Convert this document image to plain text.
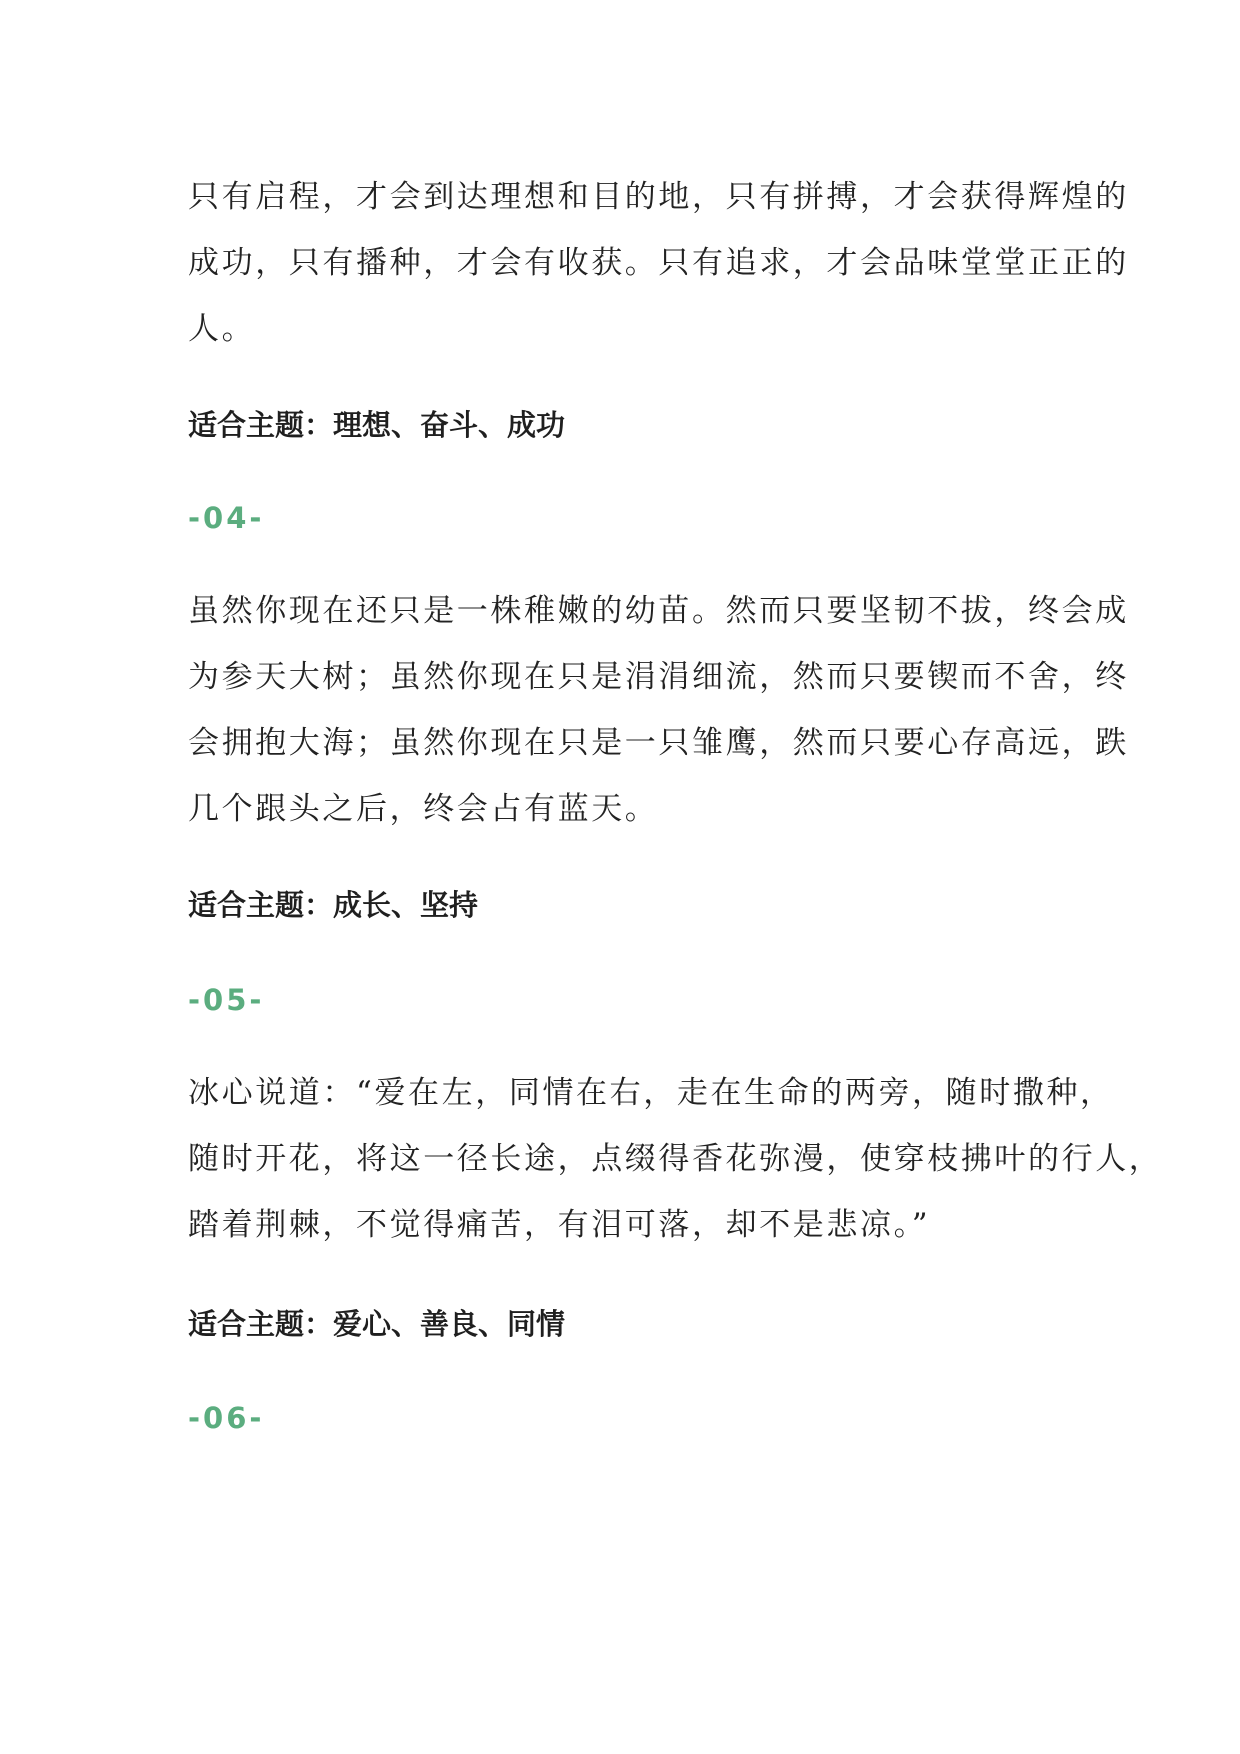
只有启程，才会到达理想和目的地，只有拼搏，才会获得辉煌的
成功，只有播种，才会有收获。只有追求，才会品味堂堂正正的
人。
适合主题：理想、奋斗、成功
-04-
虽然你现在还只是一株稚嫩的幼苗。然而只要坚韧不拔，终会成
为参天大树；虽然你现在只是涓涓细流，然而只要锲而不舍，终
会拥抱大海；虽然你现在只是一只雏鹰，然而只要心存高远，跌
几个跟头之后，终会占有蓝天。
适合主题：成长、坚持
-05-
冰心说道：“爱在左，同情在右，走在生命的两旁，随时撒种，
随时开花，将这一径长途，点缀得香花弥漫，使穿枝拂叶的行人，
踏着荆棘，不觉得痛苦，有泪可落，却不是悲凉。”
适合主题：爱心、善良、同情
-06-
